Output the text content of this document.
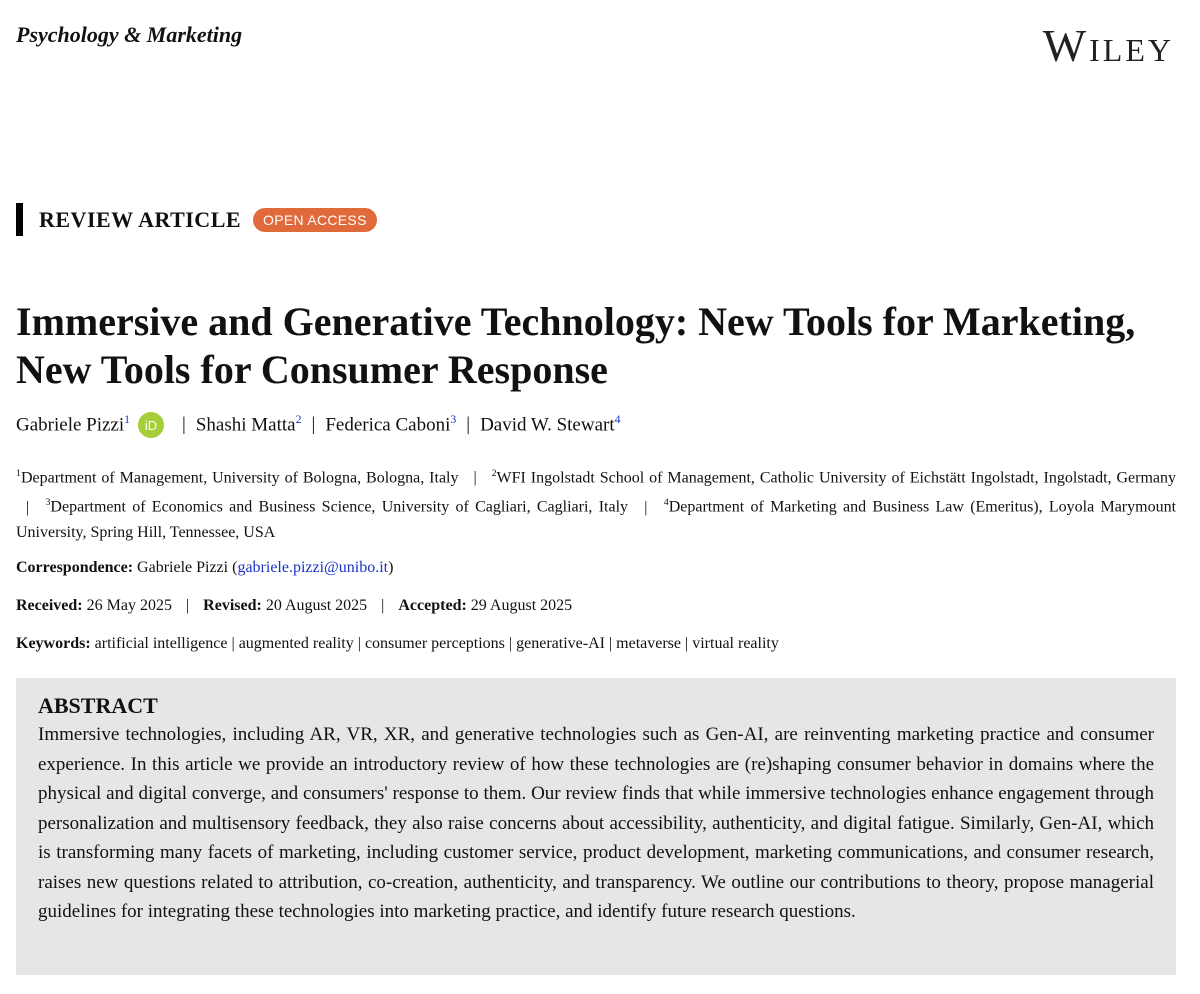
Psychology & Marketing	Wiley
REVIEW ARTICLE	OPEN ACCESS
Immersive and Generative Technology: New Tools for Marketing, New Tools for Consumer Response
Gabriele Pizzi$^1$	iD	| Shashi Matta$^2$ | Federica Caboni$^3$ | David W. Stewart$^4$
$^1$Department of Management, University of Bologna, Bologna, Italy | $^2$WFI Ingolstadt School of Management, Catholic University of Eichstätt Ingolstadt, Ingolstadt, Germany | $^3$Department of Economics and Business Science, University of Cagliari, Cagliari, Italy | $^4$Department of Marketing and Business Law (Emeritus), Loyola Marymount University, Spring Hill, Tennessee, USA
Correspondence: Gabriele Pizzi (gabriele.pizzi@unibo.it)
Received: 26 May 2025 | Revised: 20 August 2025 | Accepted: 29 August 2025
Keywords: artificial intelligence | augmented reality | consumer perceptions | generative-AI | metaverse | virtual reality
ABSTRACT

Immersive technologies, including AR, VR, XR, and generative technologies such as Gen-AI, are reinventing marketing practice and consumer experience. In this article we provide an introductory review of how these technologies are (re)shaping consumer behavior in domains where the physical and digital converge, and consumers' response to them. Our review finds that while immersive technologies enhance engagement through personalization and multisensory feedback, they also raise concerns about accessibility, authenticity, and digital fatigue. Similarly, Gen-AI, which is transforming many facets of marketing, including customer service, product development, marketing communications, and consumer research, raises new questions related to attribution, co-creation, authenticity, and transparency. We outline our contributions to theory, propose managerial guidelines for integrating these technologies into marketing practice, and identify future research questions.
